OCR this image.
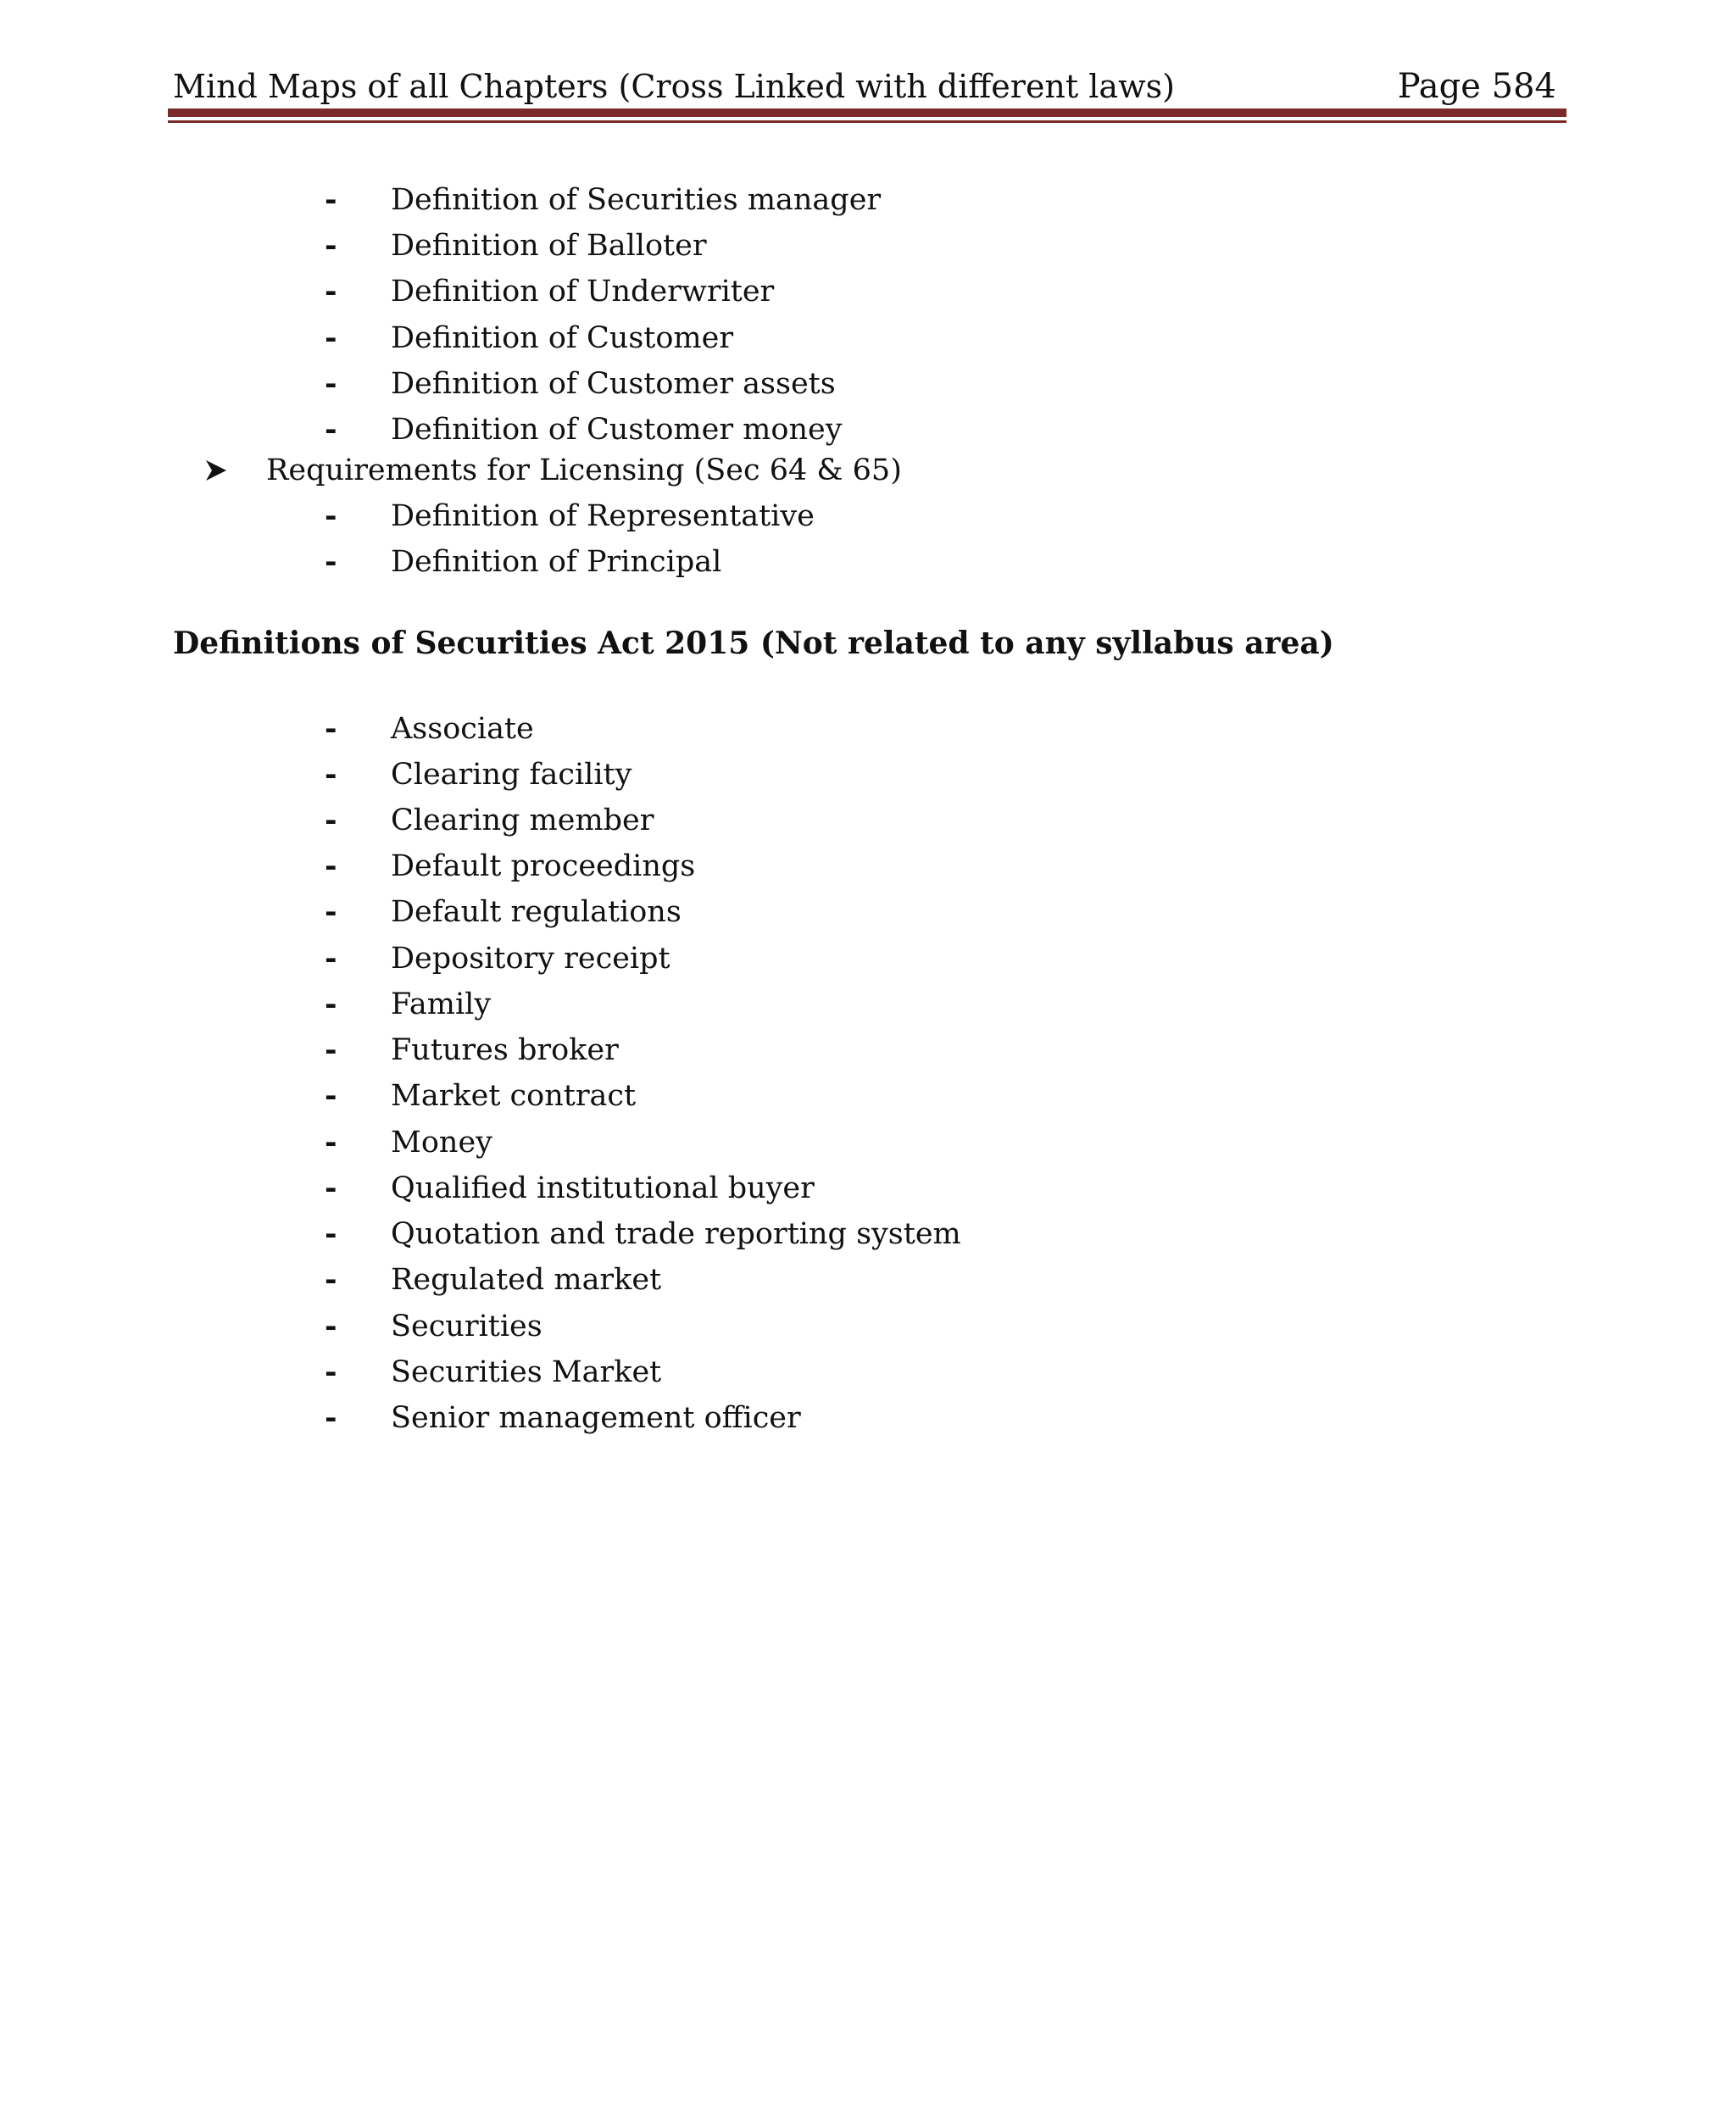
Mind Maps of all Chapters (Cross Linked with different laws)	Page 584
-	Definition of Securities manager
-	Definition of Balloter
-	Definition of Underwriter
-	Definition of Customer
-	Definition of Customer assets
-	Definition of Customer money
Requirements for Licensing (Sec 64 & 65)
-	Definition of Representative
-	Definition of Principal
Definitions of Securities Act 2015 (Not related to any syllabus area)
-	Associate
-	Clearing facility
-	Clearing member
-	Default proceedings
-	Default regulations
-	Depository receipt
-	Family
-	Futures broker
-	Market contract
-	Money
-	Qualified institutional buyer
-	Quotation and trade reporting system
-	Regulated market
-	Securities
-	Securities Market
-	Senior management officer
